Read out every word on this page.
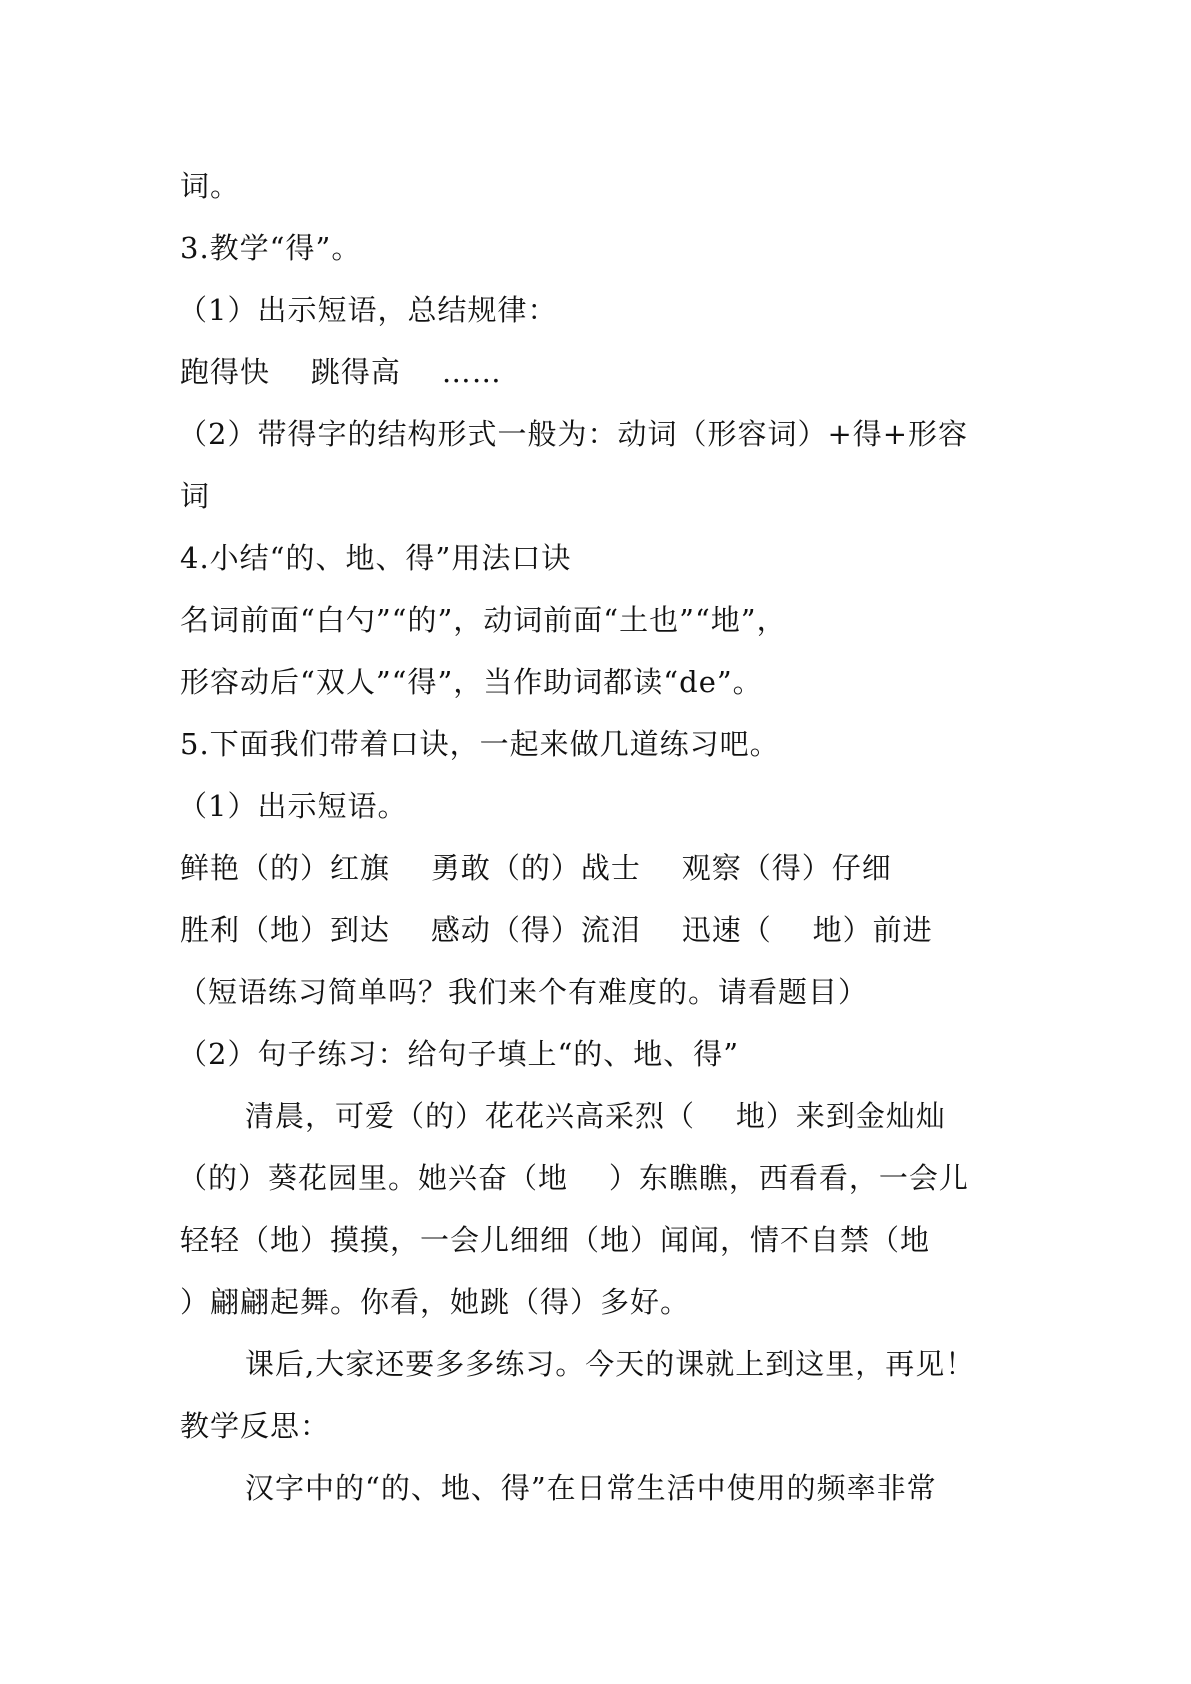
词。
3.教学“得”。
（1）出示短语，总结规律：
跑得快    跳得高    ……
（2）带得字的结构形式一般为：动词（形容词）+得+形容
词
4.小结“的、地、得”用法口诀
名词前面“白勺”“的”，动词前面“土也”“地”，
形容动后“双人”“得”，当作助词都读“de”。
5.下面我们带着口诀，一起来做几道练习吧。
（1）出示短语。
鲜艳（的）红旗    勇敢（的）战士    观察（得）仔细
胜利（地）到达    感动（得）流泪    迅速（    地）前进
（短语练习简单吗？我们来个有难度的。请看题目）
（2）句子练习：给句子填上“的、地、得”
清晨，可爱（的）花花兴高采烈（    地）来到金灿灿
（的）葵花园里。她兴奋（地    ）东瞧瞧，西看看，一会儿
轻轻（地）摸摸，一会儿细细（地）闻闻，情不自禁（地
）翩翩起舞。你看，她跳（得）多好。
课后,大家还要多多练习。今天的课就上到这里，再见！
教学反思：
汉字中的“的、地、得”在日常生活中使用的频率非常
